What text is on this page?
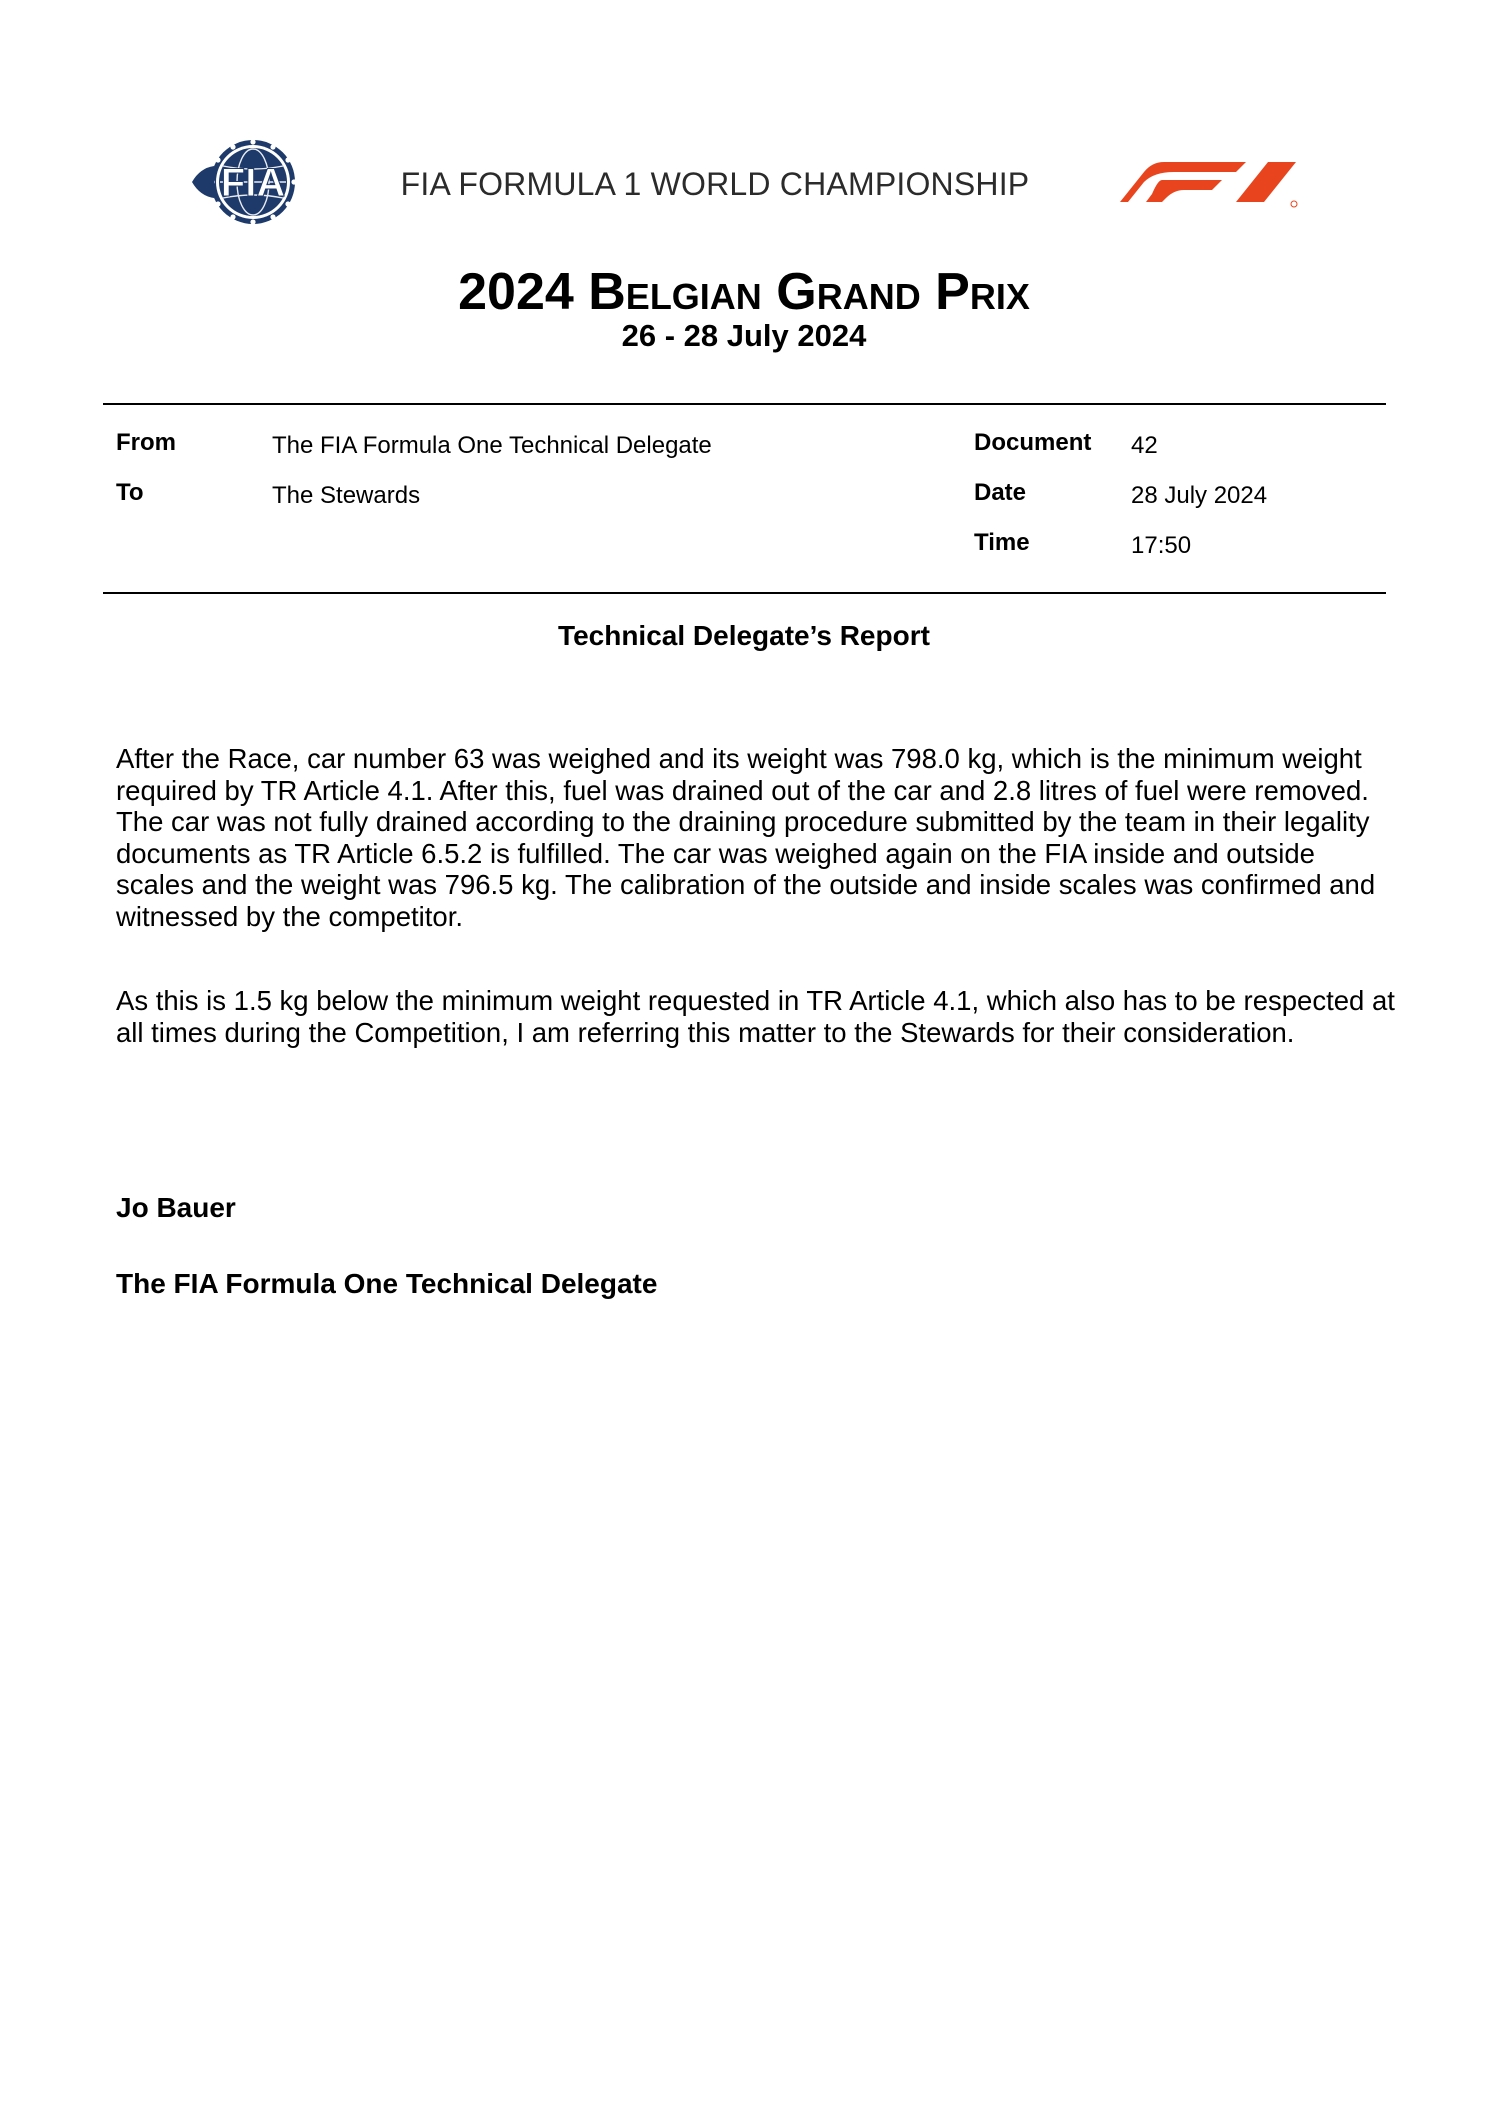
FIA	FIA FORMULA 1 WORLD CHAMPIONSHIP
F1
2024 Belgian Grand Prix
26 - 28 July 2024
From	The FIA Formula One Technical Delegate
To	The Stewards
Document 42
Date	28 July 2024
Time	17:50
Technical Delegate’s Report
After the Race, car number 63 was weighed and its weight was 798.0 kg, which is the minimum weight required by TR Article 4.1. After this, fuel was drained out of the car and 2.8 litres of fuel were removed. The car was not fully drained according to the draining procedure submitted by the team in their legality documents as TR Article 6.5.2 is fulfilled. The car was weighed again on the FIA inside and outside scales and the weight was 796.5 kg. The calibration of the outside and inside scales was confirmed and witnessed by the competitor.
As this is 1.5 kg below the minimum weight requested in TR Article 4.1, which also has to be respected at all times during the Competition, I am referring this matter to the Stewards for their consideration.
Jo Bauer
The FIA Formula One Technical Delegate
